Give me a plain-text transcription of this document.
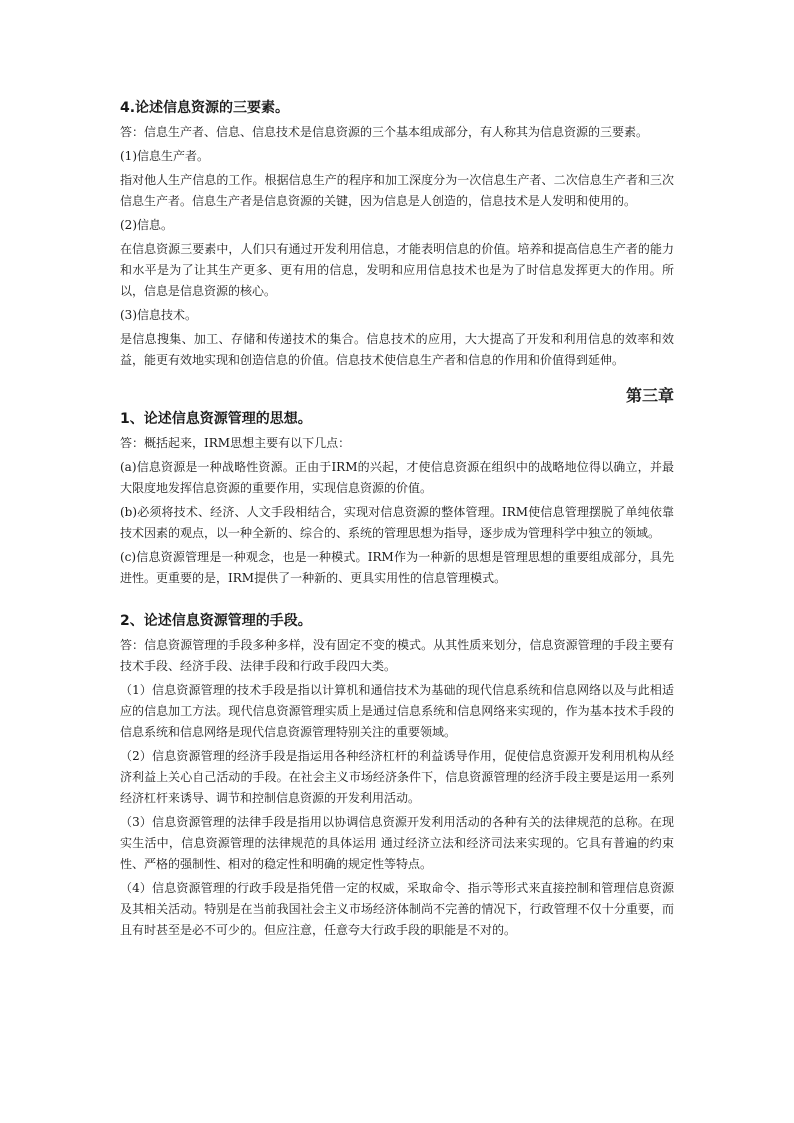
4.论述信息资源的三要素。

答：信息生产者、信息、信息技术是信息资源的三个基本组成部分，有人称其为信息资源的三要素。

(1)信息生产者。

指对他人生产信息的工作。根据信息生产的程序和加工深度分为一次信息生产者、二次信息生产者和三次信息生产者。信息生产者是信息资源的关键，因为信息是人创造的，信息技术是人发明和使用的。

(2)信息。

在信息资源三要素中，人们只有通过开发利用信息，才能表明信息的价值。培养和提高信息生产者的能力和水平是为了让其生产更多、更有用的信息，发明和应用信息技术也是为了时信息发挥更大的作用。所以，信息是信息资源的核心。

(3)信息技术。

是信息搜集、加工、存储和传递技术的集合。信息技术的应用，大大提高了开发和利用信息的效率和效益，能更有效地实现和创造信息的价值。信息技术使信息生产者和信息的作用和价值得到延伸。

第三章
1、论述信息资源管理的思想。

答：概括起来，IRM思想主要有以下几点：

(a)信息资源是一种战略性资源。正由于IRM的兴起，才使信息资源在组织中的战略地位得以确立，并最大限度地发挥信息资源的重要作用，实现信息资源的价值。

(b)必须将技术、经济、人文手段相结合，实现对信息资源的整体管理。IRM使信息管理摆脱了单纯依靠技术因素的观点，以一种全新的、综合的、系统的管理思想为指导，逐步成为管理科学中独立的领域。

(c)信息资源管理是一种观念，也是一种模式。IRM作为一种新的思想是管理思想的重要组成部分，具先进性。更重要的是，IRM提供了一种新的、更具实用性的信息管理模式。

2、论述信息资源管理的手段。

答：信息资源管理的手段多种多样，没有固定不变的模式。从其性质来划分，信息资源管理的手段主要有技术手段、经济手段、法律手段和行政手段四大类。

（1）信息资源管理的技术手段是指以计算机和通信技术为基础的现代信息系统和信息网络以及与此相适应的信息加工方法。现代信息资源管理实质上是通过信息系统和信息网络来实现的，作为基本技术手段的信息系统和信息网络是现代信息资源管理特别关注的重要领域。

（2）信息资源管理的经济手段是指运用各种经济杠杆的利益诱导作用，促使信息资源开发利用机构从经济利益上关心自己活动的手段。在社会主义市场经济条件下，信息资源管理的经济手段主要是运用一系列经济杠杆来诱导、调节和控制信息资源的开发利用活动。

（3）信息资源管理的法律手段是指用以协调信息资源开发利用活动的各种有关的法律规范的总称。在现实生活中，信息资源管理的法律规范的具体运用 通过经济立法和经济司法来实现的。它具有普遍的约束性、严格的强制性、相对的稳定性和明确的规定性等特点。

（4）信息资源管理的行政手段是指凭借一定的权威，采取命令、指示等形式来直接控制和管理信息资源及其相关活动。特别是在当前我国社会主义市场经济体制尚不完善的情况下，行政管理不仅十分重要，而且有时甚至是必不可少的。但应注意，任意夸大行政手段的职能是不对的。
